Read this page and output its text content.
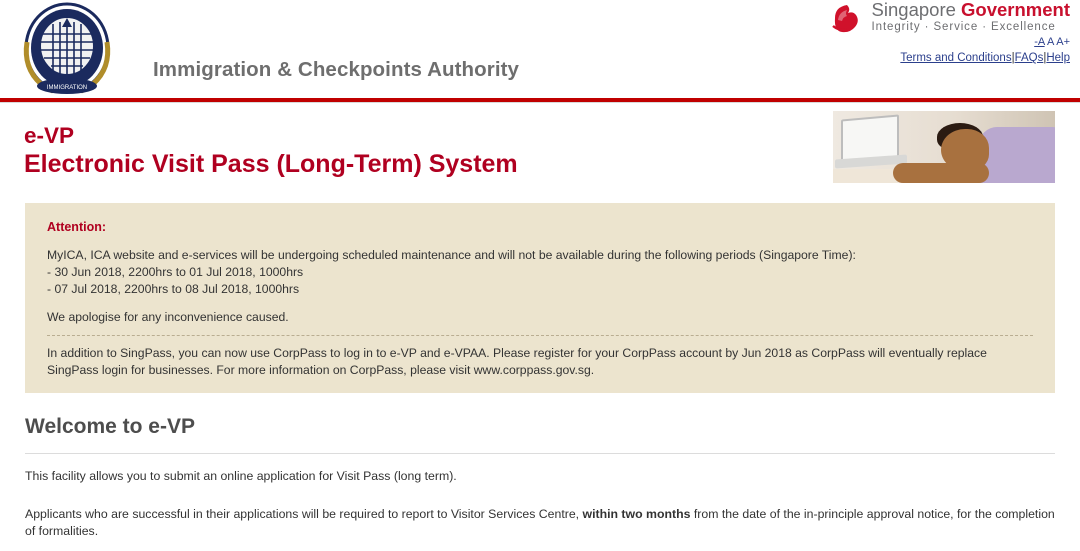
IMMIGRATION
Immigration & Checkpoints Authority
Singapore Government
Integrity · Service · Excellence
-A A A+
Terms and Conditions|FAQs|Help
e-VP
Electronic Visit Pass (Long-Term) System
Attention:

MyICA, ICA website and e-services will be undergoing scheduled maintenance and will not be available during the following periods (Singapore Time):

- 30 Jun 2018, 2200hrs to 01 Jul 2018, 1000hrs

- 07 Jul 2018, 2200hrs to 08 Jul 2018, 1000hrs

We apologise for any inconvenience caused.

In addition to SingPass, you can now use CorpPass to log in to e-VP and e-VPAA. Please register for your CorpPass account by Jun 2018 as CorpPass will eventually replace SingPass login for businesses. For more information on CorpPass, please visit www.corppass.gov.sg.

Welcome to e-VP
This facility allows you to submit an online application for Visit Pass (long term).
Applicants who are successful in their applications will be required to report to Visitor Services Centre, within two months from the date of the in-principle approval notice, for the completion of formalities.
